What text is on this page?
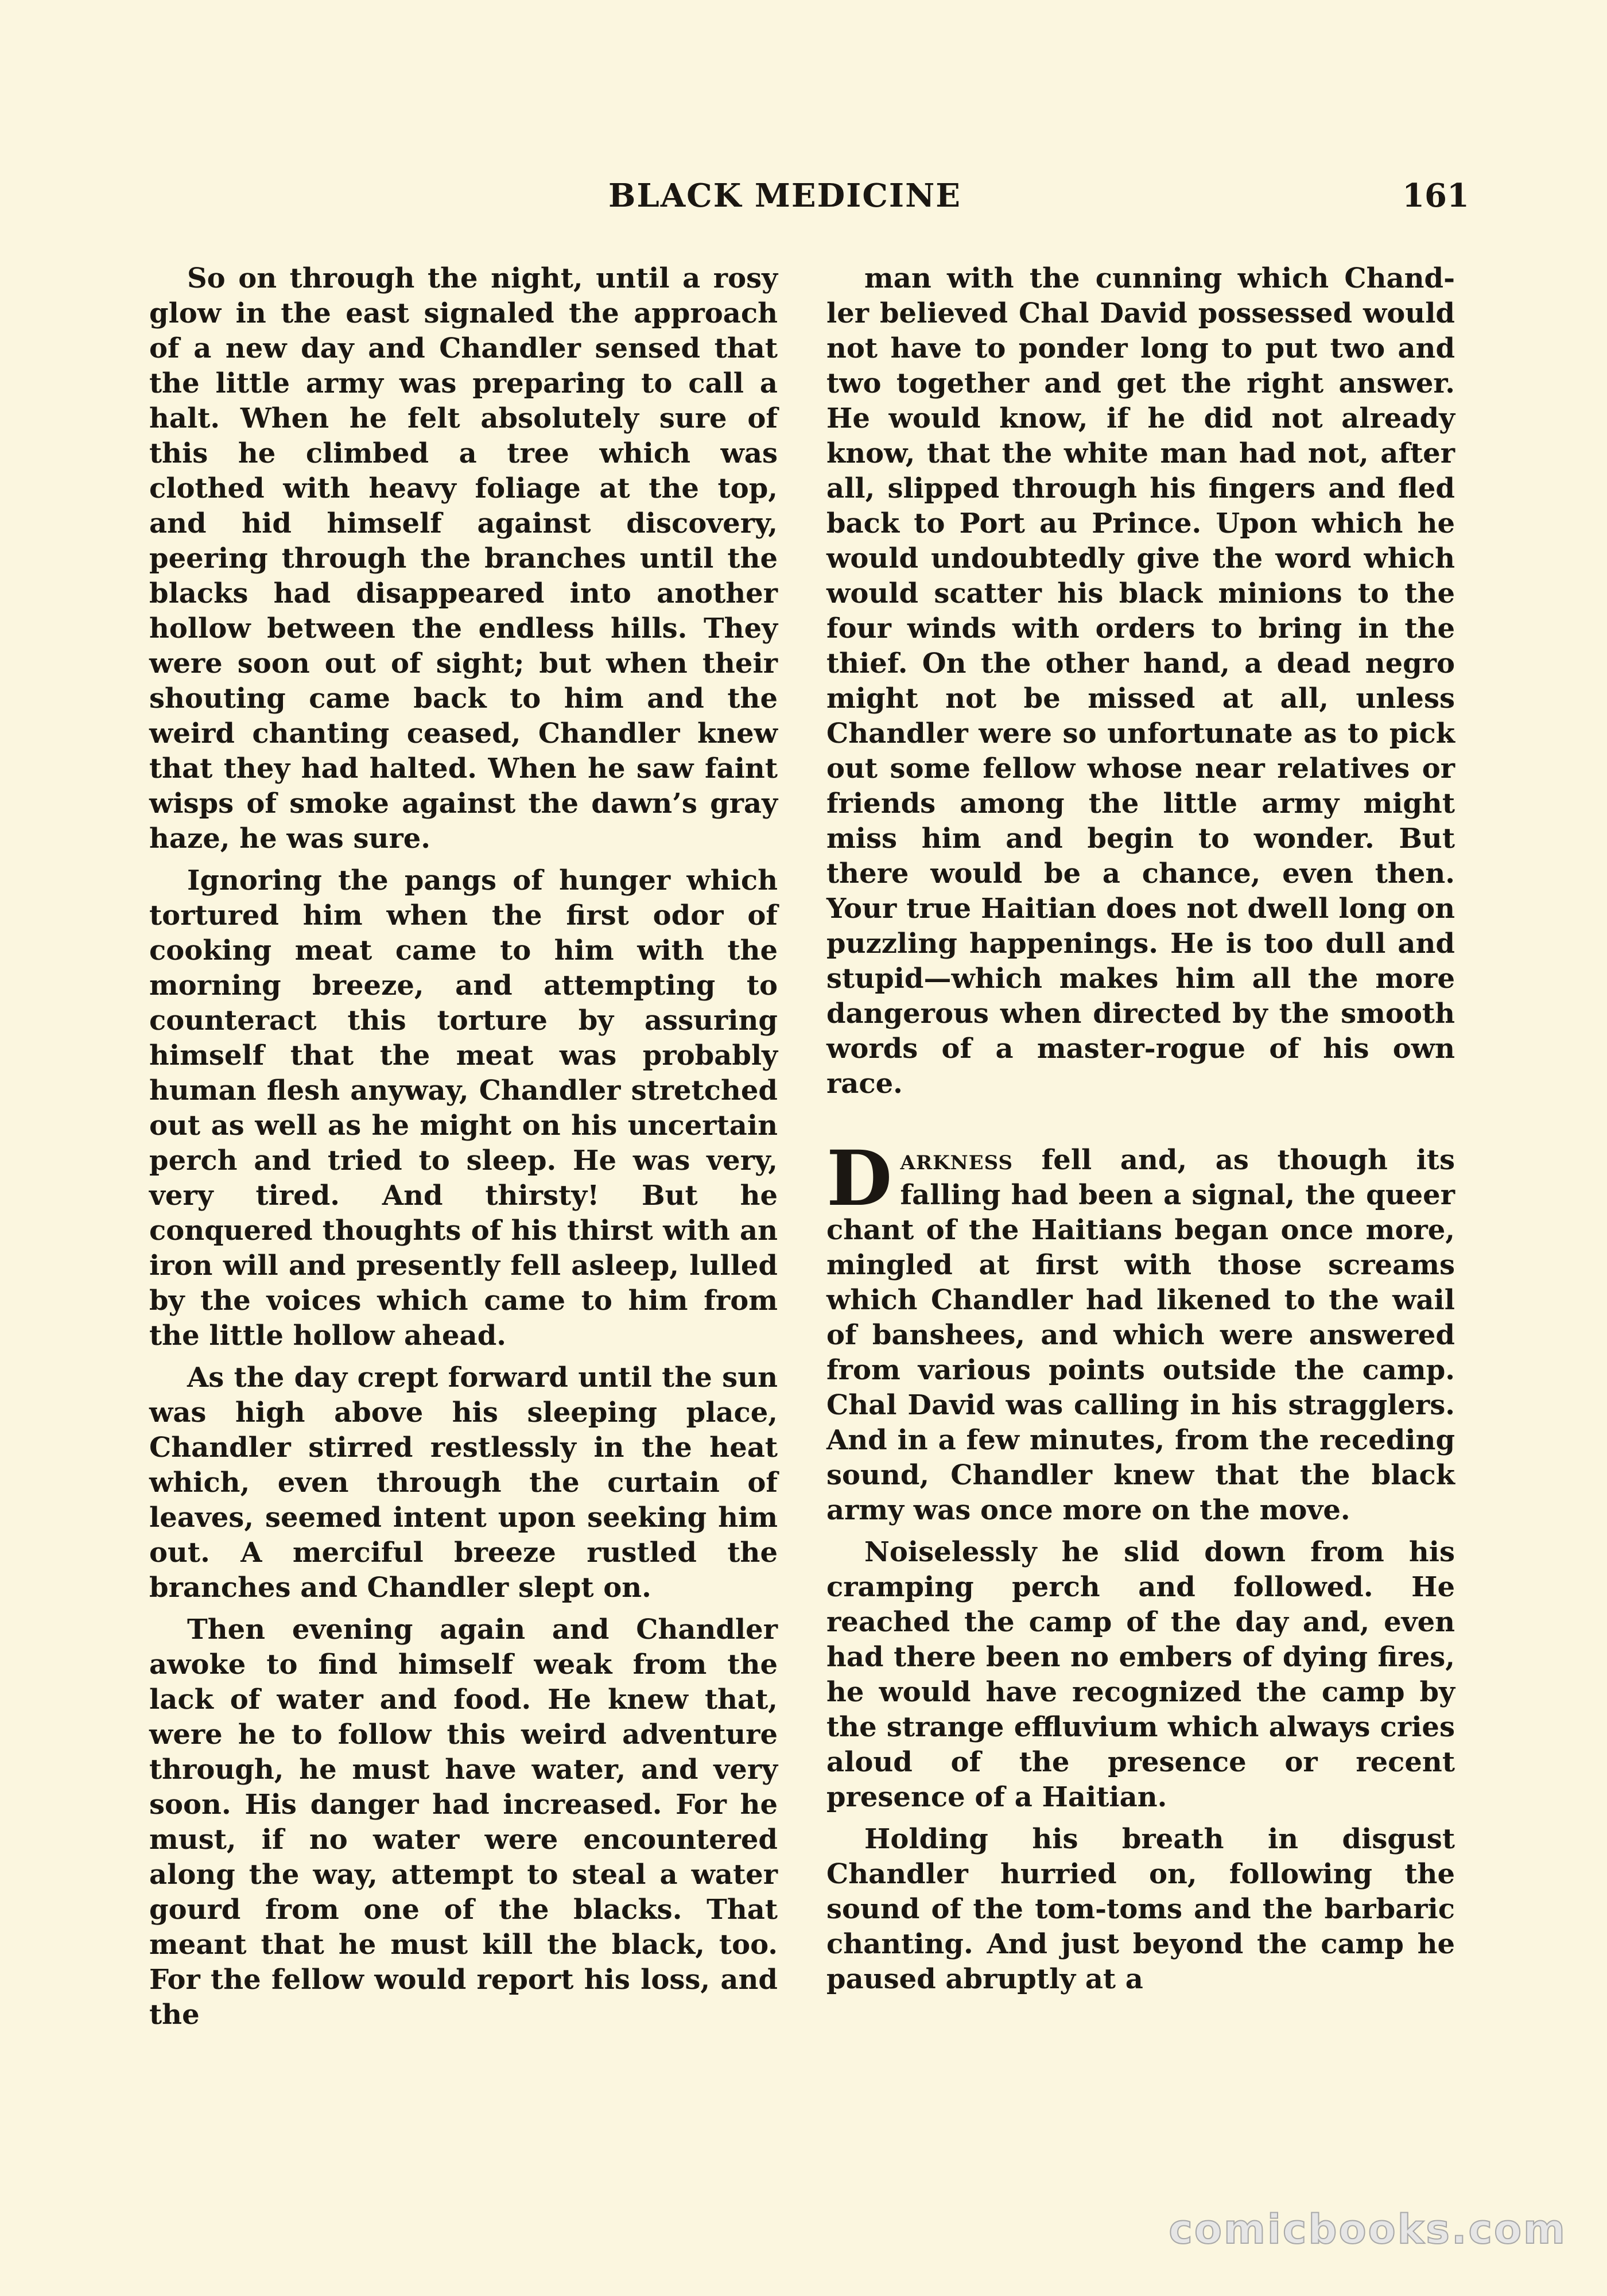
BLACK MEDICINE	161

So on through the night, until a rosy glow in the east signaled the approach of a new day and Chandler sensed that the little army was preparing to call a halt. When he felt absolutely sure of this he climbed a tree which was clothed with heavy foliage at the top, and hid himself against discovery, peering through the branches until the blacks had disappeared into another hollow between the endless hills. They were soon out of sight; but when their shouting came back to him and the weird chanting ceased, Chandler knew that they had halted. When he saw faint wisps of smoke against the dawn’s gray haze, he was sure.

Ignoring the pangs of hunger which tortured him when the first odor of cooking meat came to him with the morning breeze, and attempting to counteract this torture by assuring himself that the meat was probably human flesh anyway, Chandler stretched out as well as he might on his uncertain perch and tried to sleep. He was very, very tired. And thirsty! But he conquered thoughts of his thirst with an iron will and presently fell asleep, lulled by the voices which came to him from the little hollow ahead.

As the day crept forward until the sun was high above his sleeping place, Chandler stirred restlessly in the heat which, even through the curtain of leaves, seemed intent upon seeking him out. A merciful breeze rustled the branches and Chandler slept on.

Then evening again and Chandler awoke to find himself weak from the lack of water and food. He knew that, were he to follow this weird adventure through, he must have water, and very soon. His danger had increased. For he must, if no water were encountered along the way, attempt to steal a water gourd from one of the blacks. That meant that he must kill the black, too. For the fellow would report his loss, and the

man with the cunning which Chandler believed Chal David possessed would not have to ponder long to put two and two together and get the right answer. He would know, if he did not already know, that the white man had not, after all, slipped through his fingers and fled back to Port au Prince. Upon which he would undoubtedly give the word which would scatter his black minions to the four winds with orders to bring in the thief. On the other hand, a dead negro might not be missed at all, unless Chandler were so unfortunate as to pick out some fellow whose near relatives or friends among the little army might miss him and begin to wonder. But there would be a chance, even then. Your true Haitian does not dwell long on puzzling happenings. He is too dull and stupid—which makes him all the more dangerous when directed by the smooth words of a master-rogue of his own race.

Darkness fell and, as though its falling had been a signal, the queer chant of the Haitians began once more, mingled at first with those screams which Chandler had likened to the wail of banshees, and which were answered from various points outside the camp. Chal David was calling in his stragglers. And in a few minutes, from the receding sound, Chandler knew that the black army was once more on the move.

Noiselessly he slid down from his cramping perch and followed. He reached the camp of the day and, even had there been no embers of dying fires, he would have recognized the camp by the strange effluvium which always cries aloud of the presence or recent presence of a Haitian.

Holding his breath in disgust Chandler hurried on, following the sound of the tom-toms and the barbaric chanting. And just beyond the camp he paused abruptly at a

comicbooks.com
